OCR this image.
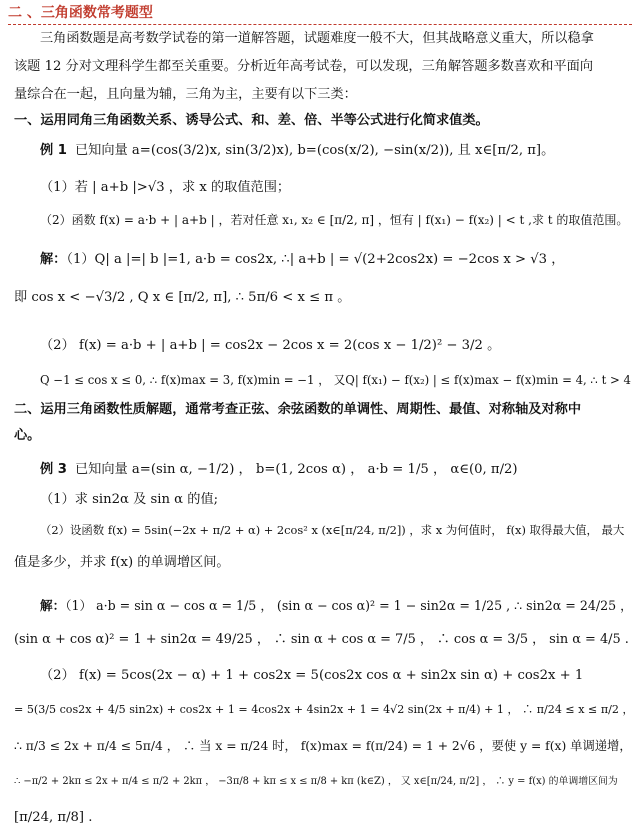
二 、三角函数常考题型
三角函数题是高考数学试卷的第一道解答题，试题难度一般不大，但其战略意义重大，所以稳拿
该题 12 分对文理科学生都至关重要。分析近年高考试卷，可以发现，三角解答题多数喜欢和平面向
量综合在一起，且向量为辅，三角为主，主要有以下三类：
一、运用同角三角函数关系、诱导公式、和、差、倍、半等公式进行化简求值类。
例 1 已知向量 a=(cos(3/2)x, sin(3/2)x), b=(cos(x/2), −sin(x/2)), 且 x∈[π/2, π]。
（1）若 | a+b |>√3 ，求 x 的取值范围；
（2）函数 f(x) = a·b + | a+b | ，若对任意 x₁, x₂ ∈ [π/2, π] ，恒有 | f(x₁) − f(x₂) | < t ,求 t 的取值范围。
解：（1）Q| a |=| b |=1, a·b = cos2x, ∴| a+b | = √(2+2cos2x) = −2cos x > √3 ，
即 cos x < −√3/2 , Q x ∈ [π/2, π], ∴ 5π/6 < x ≤ π 。
（2） f(x) = a·b + | a+b | = cos2x − 2cos x = 2(cos x − 1/2)² − 3/2 。
Q −1 ≤ cos x ≤ 0, ∴ f(x)max = 3, f(x)min = −1 ， 又Q| f(x₁) − f(x₂) | ≤ f(x)max − f(x)min = 4, ∴ t > 4
二、运用三角函数性质解题，通常考查正弦、余弦函数的单调性、周期性、最值、对称轴及对称中
心。
例 3 已知向量 a=(sin α, −1/2) ， b=(1, 2cos α) ， a·b = 1/5 ， α∈(0, π/2)
（1）求 sin2α 及 sin α 的值;
（2）设函数 f(x) = 5sin(−2x + π/2 + α) + 2cos² x (x∈[π/24, π/2]) ，求 x 为何值时， f(x) 取得最大值， 最大
值是多少，并求 f(x) 的单调增区间。
解：（1） a·b = sin α − cos α = 1/5 ， (sin α − cos α)² = 1 − sin2α = 1/25 , ∴ sin2α = 24/25 ，
(sin α + cos α)² = 1 + sin2α = 49/25 ， ∴ sin α + cos α = 7/5 ， ∴ cos α = 3/5 ， sin α = 4/5 .
（2） f(x) = 5cos(2x − α) + 1 + cos2x = 5(cos2x cos α + sin2x sin α) + cos2x + 1
= 5(3/5 cos2x + 4/5 sin2x) + cos2x + 1 = 4cos2x + 4sin2x + 1 = 4√2 sin(2x + π/4) + 1 ， ∴ π/24 ≤ x ≤ π/2 ，
∴ π/3 ≤ 2x + π/4 ≤ 5π/4 ， ∴ 当 x = π/24 时， f(x)max = f(π/24) = 1 + 2√6 ，要使 y = f(x) 单调递增，
∴ −π/2 + 2kπ ≤ 2x + π/4 ≤ π/2 + 2kπ ， −3π/8 + kπ ≤ x ≤ π/8 + kπ (k∈Z) ， 又 x∈[π/24, π/2] ， ∴ y = f(x) 的单调增区间为
[π/24, π/8] .
